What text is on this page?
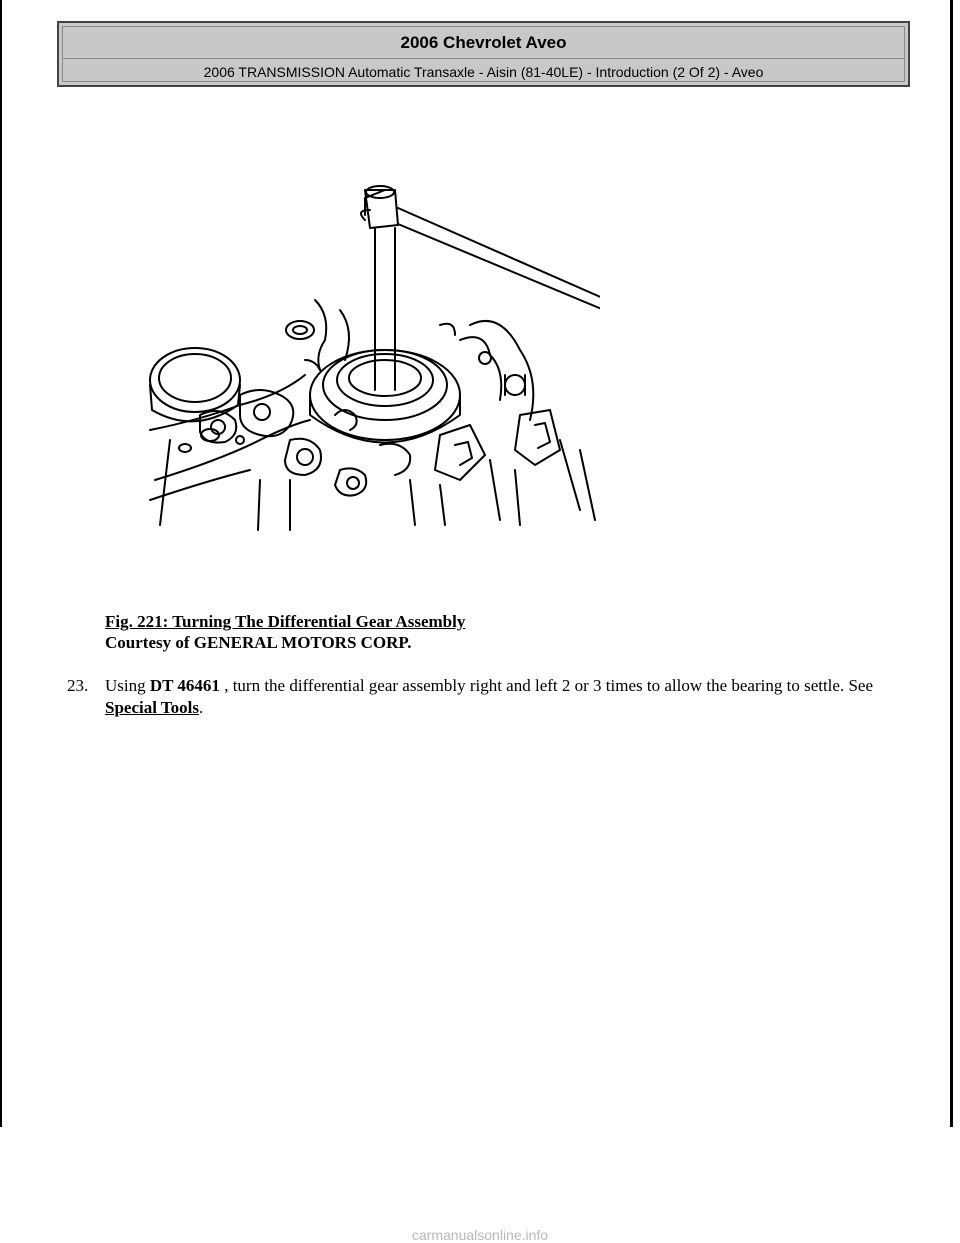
2006 Chevrolet Aveo
2006 TRANSMISSION Automatic Transaxle - Aisin (81-40LE) - Introduction (2 Of 2) - Aveo
Fig. 221: Turning The Differential Gear Assembly
Courtesy of GENERAL MOTORS CORP.
23. Using DT 46461 , turn the differential gear assembly right and left 2 or 3 times to allow the bearing to settle. See Special Tools.
carmanualsonline.info
